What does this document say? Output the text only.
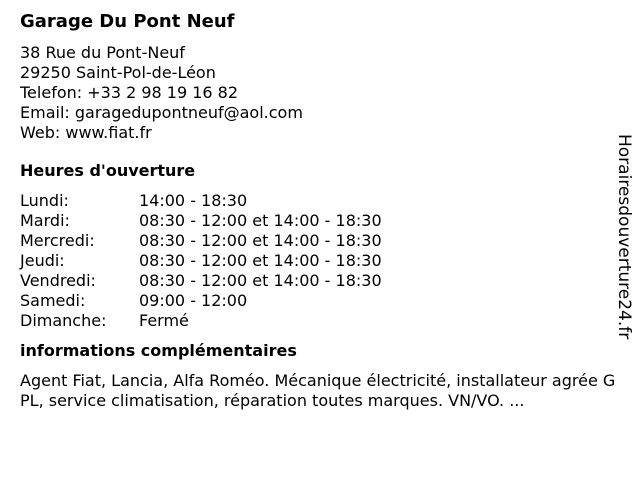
Garage Du Pont Neuf
38 Rue du Pont-Neuf
29250 Saint-Pol-de-Léon
Telefon: +33 2 98 19 16 82
Email: garagedupontneuf@aol.com
Web: www.fiat.fr
Heures d'ouverture
Lundi:	14:00 - 18:30
Mardi:	08:30 - 12:00 et 14:00 - 18:30
Mercredi:	08:30 - 12:00 et 14:00 - 18:30
Jeudi:	08:30 - 12:00 et 14:00 - 18:30
Vendredi:	08:30 - 12:00 et 14:00 - 18:30
Samedi:	09:00 - 12:00
Dimanche:	Fermé
informations complémentaires
Agent Fiat, Lancia, Alfa Roméo. Mécanique électricité, installateur agrée GPL, service climatisation, réparation toutes marques. VN/VO. ...
Horairesdouverture24.fr
